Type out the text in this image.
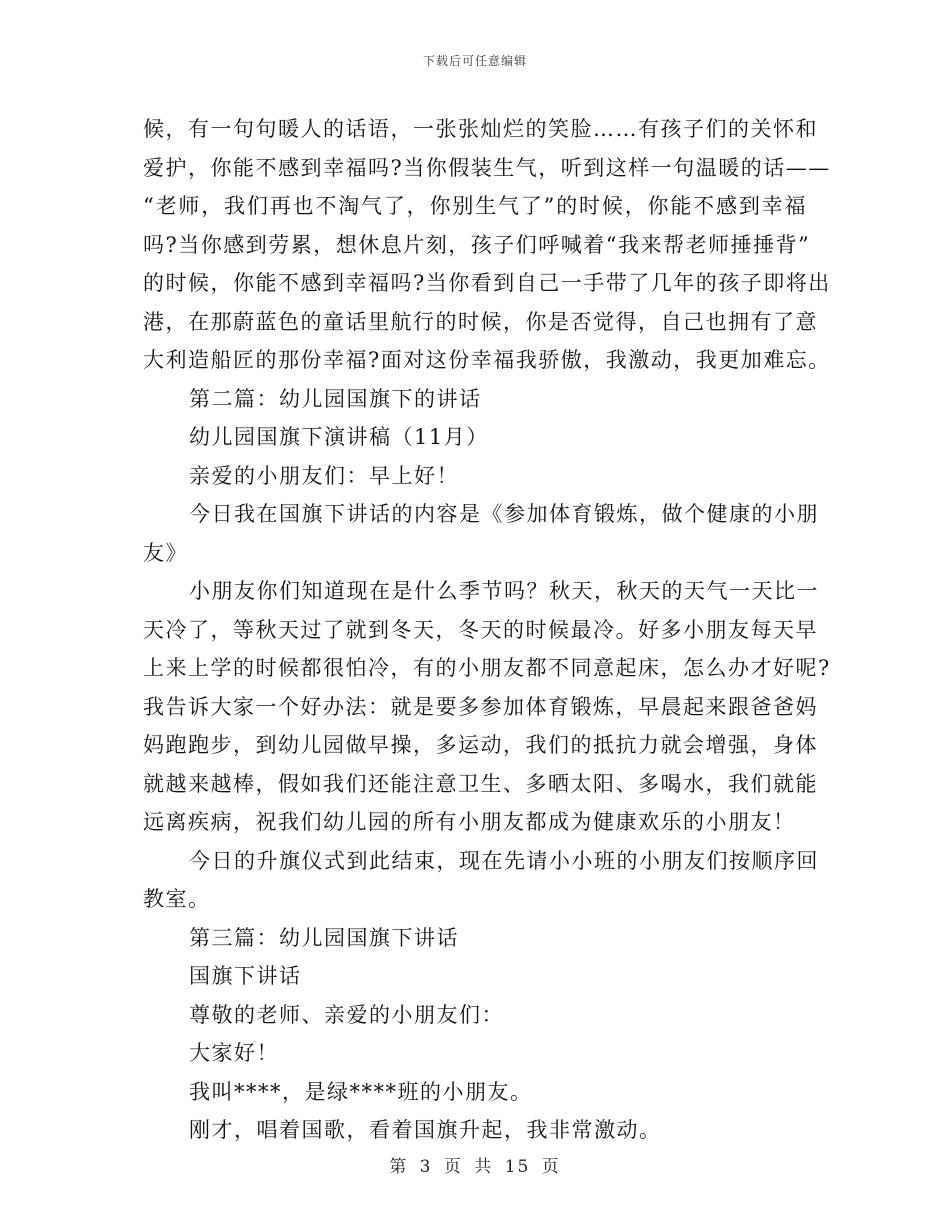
下载后可任意编辑
候，有一句句暖人的话语，一张张灿烂的笑脸……有孩子们的关怀和
爱护，你能不感到幸福吗?当你假装生气，听到这样一句温暖的话——
“老师，我们再也不淘气了，你别生气了”的时候，你能不感到幸福
吗?当你感到劳累，想休息片刻，孩子们呼喊着“我来帮老师捶捶背”
的时候，你能不感到幸福吗?当你看到自己一手带了几年的孩子即将出
港，在那蔚蓝色的童话里航行的时候，你是否觉得，自己也拥有了意
大利造船匠的那份幸福?面对这份幸福我骄傲，我激动，我更加难忘。
第二篇：幼儿园国旗下的讲话
幼儿园国旗下演讲稿（11月）
亲爱的小朋友们：早上好！
今日我在国旗下讲话的内容是《参加体育锻炼，做个健康的小朋
友》
小朋友你们知道现在是什么季节吗？秋天，秋天的天气一天比一
天冷了，等秋天过了就到冬天，冬天的时候最冷。好多小朋友每天早
上来上学的时候都很怕冷，有的小朋友都不同意起床，怎么办才好呢?
我告诉大家一个好办法：就是要多参加体育锻炼，早晨起来跟爸爸妈
妈跑跑步，到幼儿园做早操，多运动，我们的抵抗力就会增强，身体
就越来越棒，假如我们还能注意卫生、多晒太阳、多喝水，我们就能
远离疾病，祝我们幼儿园的所有小朋友都成为健康欢乐的小朋友！
今日的升旗仪式到此结束，现在先请小小班的小朋友们按顺序回
教室。
第三篇：幼儿园国旗下讲话
国旗下讲话
尊敬的老师、亲爱的小朋友们：
大家好！
我叫****，是绿****班的小朋友。
刚才，唱着国歌，看着国旗升起，我非常激动。
第 3 页 共 15 页
